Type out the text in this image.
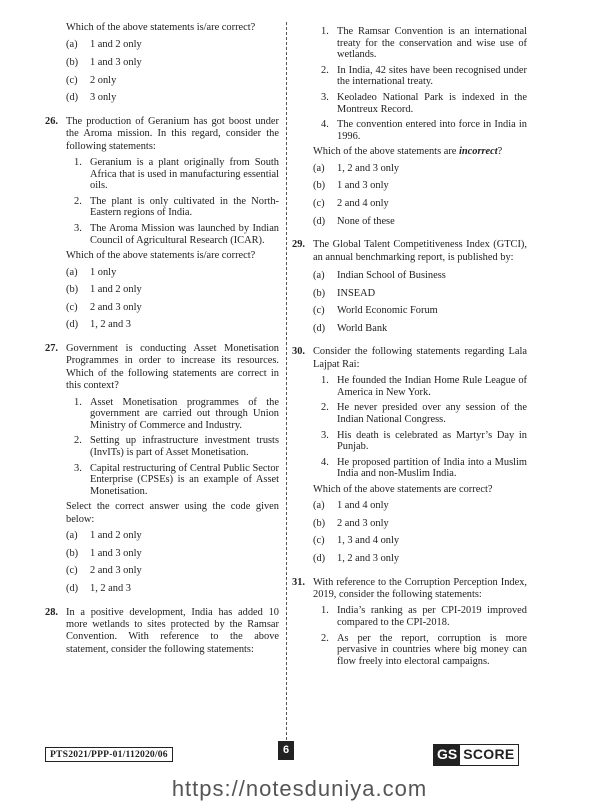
Which of the above statements is/are correct?

(a) 1 and 2 only
(b) 1 and 3 only
(c) 2 only
(d) 3 only
26. The production of Geranium has got boost under the Aroma mission. In this regard, consider the following statements:
1. Geranium is a plant originally from South Africa that is used in manufacturing essential oils.
2. The plant is only cultivated in the North-Eastern regions of India.
3. The Aroma Mission was launched by Indian Council of Agricultural Research (ICAR).

Which of the above statements is/are correct?

(a) 1 only
(b) 1 and 2 only
(c) 2 and 3 only
(d) 1, 2 and 3
27. Government is conducting Asset Monetisation Programmes in order to increase its resources. Which of the following statements are correct in this context?
1. Asset Monetisation programmes of the government are carried out through Union Ministry of Commerce and Industry.
2. Setting up infrastructure investment trusts (InvITs) is part of Asset Monetisation.
3. Capital restructuring of Central Public Sector Enterprise (CPSEs) is an example of Asset Monetisation.

Select the correct answer using the code given below:

(a) 1 and 2 only
(b) 1 and 3 only
(c) 2 and 3 only
(d) 1, 2 and 3
28. In a positive development, India has added 10 more wetlands to sites protected by the Ramsar Convention. With reference to the above statement, consider the following statements:
1. The Ramsar Convention is an international treaty for the conservation and wise use of wetlands.
2. In India, 42 sites have been recognised under the international treaty.
3. Keoladeo National Park is indexed in the Montreux Record.
4. The convention entered into force in India in 1996.

Which of the above statements are incorrect?

(a) 1, 2 and 3 only
(b) 1 and 3 only
(c) 2 and 4 only
(d) None of these
29. The Global Talent Competitiveness Index (GTCI), an annual benchmarking report, is published by:
(a) Indian School of Business
(b) INSEAD
(c) World Economic Forum
(d) World Bank
30. Consider the following statements regarding Lala Lajpat Rai:
1. He founded the Indian Home Rule League of America in New York.
2. He never presided over any session of the Indian National Congress.
3. His death is celebrated as Martyr’s Day in Punjab.
4. He proposed partition of India into a Muslim India and non-Muslim India.

Which of the above statements are correct?

(a) 1 and 4 only
(b) 2 and 3 only
(c) 1, 3 and 4 only
(d) 1, 2 and 3 only
31. With reference to the Corruption Perception Index, 2019, consider the following statements:
1. India’s ranking as per CPI-2019 improved compared to the CPI-2018.
2. As per the report, corruption is more pervasive in countries where big money can flow freely into electoral campaigns.
PTS2021/PPP-01/112020/06	6	GS SCORE
https://notesduniya.com
